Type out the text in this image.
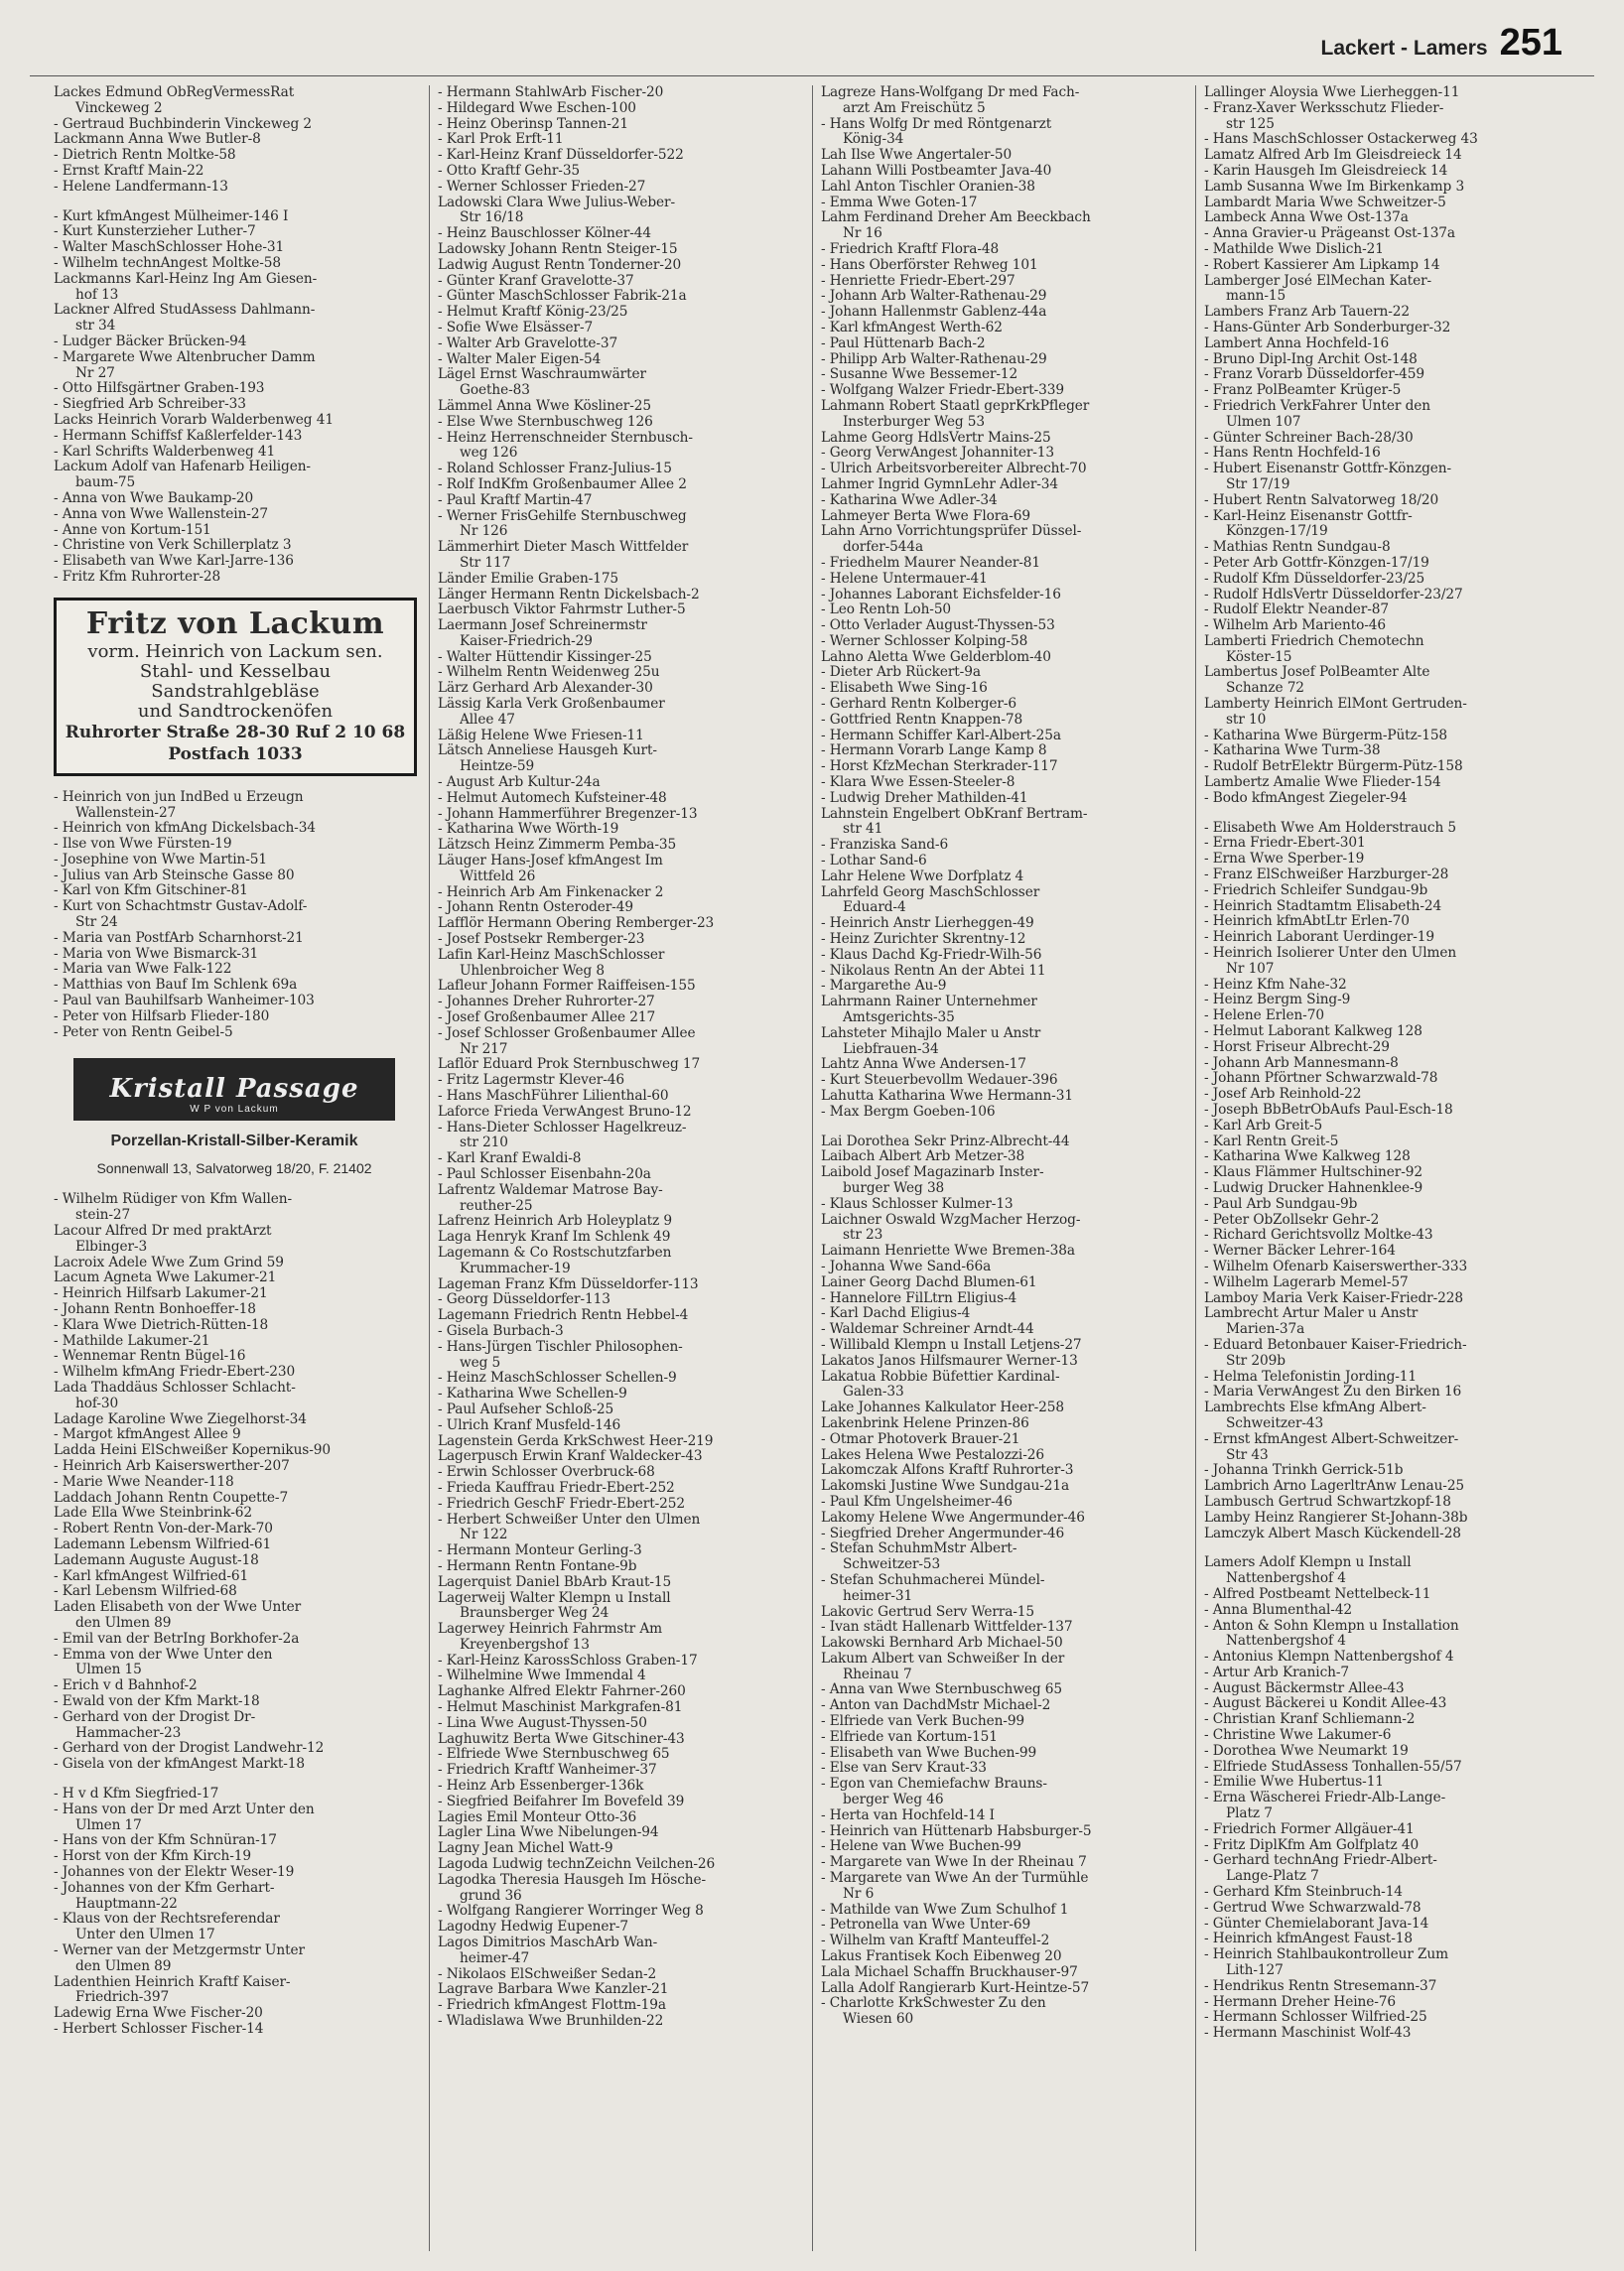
Lackert - Lamers 251
Lackes Edmund ObRegVermessRat
Vinckeweg 2
- Gertraud Buchbinderin Vinckeweg 2
Lackmann Anna Wwe Butler-8
- Dietrich Rentn Moltke-58
- Ernst Kraftf Main-22
- Helene Landfermann-13
- Kurt kfmAngest Mülheimer-146 I
- Kurt Kunsterzieher Luther-7
- Walter MaschSchlosser Hohe-31
- Wilhelm technAngest Moltke-58
Lackmanns Karl-Heinz Ing Am Giesen-
hof 13
Lackner Alfred StudAssess Dahlmann-
str 34
- Ludger Bäcker Brücken-94
- Margarete Wwe Altenbrucher Damm
Nr 27
- Otto Hilfsgärtner Graben-193
- Siegfried Arb Schreiber-33
Lacks Heinrich Vorarb Walderbenweg 41
- Hermann Schiffsf Kaßlerfelder-143
- Karl Schrifts Walderbenweg 41
Lackum Adolf van Hafenarb Heiligen-
baum-75
- Anna von Wwe Baukamp-20
- Anna von Wwe Wallenstein-27
- Anne von Kortum-151
- Christine von Verk Schillerplatz 3
- Elisabeth van Wwe Karl-Jarre-136
- Fritz Kfm Ruhrorter-28
Fritz von Lackum
vorm. Heinrich von Lackum sen.
Stahl- und Kesselbau
Sandstrahlgebläse
und Sandtrockenöfen
Ruhrorter Straße 28-30 Ruf 2 10 68
Postfach 1033
- Heinrich von jun IndBed u Erzeugn
Wallenstein-27
- Heinrich von kfmAng Dickelsbach-34
- Ilse von Wwe Fürsten-19
- Josephine von Wwe Martin-51
- Julius van Arb Steinsche Gasse 80
- Karl von Kfm Gitschiner-81
- Kurt von Schachtmstr Gustav-Adolf-
Str 24
- Maria van PostfArb Scharnhorst-21
- Maria von Wwe Bismarck-31
- Maria van Wwe Falk-122
- Matthias von Bauf Im Schlenk 69a
- Paul van Bauhilfsarb Wanheimer-103
- Peter von Hilfsarb Flieder-180
- Peter von Rentn Geibel-5
Kristall Passage
W P von Lackum
Porzellan-Kristall-Silber-Keramik
Sonnenwall 13, Salvatorweg 18/20, F. 21402
- Wilhelm Rüdiger von Kfm Wallen-
stein-27
Lacour Alfred Dr med praktArzt
Elbinger-3
Lacroix Adele Wwe Zum Grind 59
Lacum Agneta Wwe Lakumer-21
- Heinrich Hilfsarb Lakumer-21
- Johann Rentn Bonhoeffer-18
- Klara Wwe Dietrich-Rütten-18
- Mathilde Lakumer-21
- Wennemar Rentn Bügel-16
- Wilhelm kfmAng Friedr-Ebert-230
Lada Thaddäus Schlosser Schlacht-
hof-30
Ladage Karoline Wwe Ziegelhorst-34
- Margot kfmAngest Allee 9
Ladda Heini ElSchweißer Kopernikus-90
- Heinrich Arb Kaiserswerther-207
- Marie Wwe Neander-118
Laddach Johann Rentn Coupette-7
Lade Ella Wwe Steinbrink-62
- Robert Rentn Von-der-Mark-70
Lademann Lebensm Wilfried-61
Lademann Auguste August-18
- Karl kfmAngest Wilfried-61
- Karl Lebensm Wilfried-68
Laden Elisabeth von der Wwe Unter
den Ulmen 89
- Emil van der BetrIng Borkhofer-2a
- Emma von der Wwe Unter den
Ulmen 15
- Erich v d Bahnhof-2
- Ewald von der Kfm Markt-18
- Gerhard von der Drogist Dr-
Hammacher-23
- Gerhard von der Drogist Landwehr-12
- Gisela von der kfmAngest Markt-18
- H v d Kfm Siegfried-17
- Hans von der Dr med Arzt Unter den
Ulmen 17
- Hans von der Kfm Schnüran-17
- Horst von der Kfm Kirch-19
- Johannes von der Elektr Weser-19
- Johannes von der Kfm Gerhart-
Hauptmann-22
- Klaus von der Rechtsreferendar
Unter den Ulmen 17
- Werner van der Metzgermstr Unter
den Ulmen 89
Ladenthien Heinrich Kraftf Kaiser-
Friedrich-397
Ladewig Erna Wwe Fischer-20
- Herbert Schlosser Fischer-14
- Hermann StahlwArb Fischer-20
- Hildegard Wwe Eschen-100
- Heinz Oberinsp Tannen-21
- Karl Prok Erft-11
- Karl-Heinz Kranf Düsseldorfer-522
- Otto Kraftf Gehr-35
- Werner Schlosser Frieden-27
Ladowski Clara Wwe Julius-Weber-
Str 16/18
- Heinz Bauschlosser Kölner-44
Ladowsky Johann Rentn Steiger-15
Ladwig August Rentn Tonderner-20
- Günter Kranf Gravelotte-37
- Günter MaschSchlosser Fabrik-21a
- Helmut Kraftf König-23/25
- Sofie Wwe Elsässer-7
- Walter Arb Gravelotte-37
- Walter Maler Eigen-54
Lägel Ernst Waschraumwärter
Goethe-83
Lämmel Anna Wwe Kösliner-25
- Else Wwe Sternbuschweg 126
- Heinz Herrenschneider Sternbusch-
weg 126
- Roland Schlosser Franz-Julius-15
- Rolf IndKfm Großenbaumer Allee 2
- Paul Kraftf Martin-47
- Werner FrisGehilfe Sternbuschweg
Nr 126
Lämmerhirt Dieter Masch Wittfelder
Str 117
Länder Emilie Graben-175
Länger Hermann Rentn Dickelsbach-2
Laerbusch Viktor Fahrmstr Luther-5
Laermann Josef Schreinermstr
Kaiser-Friedrich-29
- Walter Hüttendir Kissinger-25
- Wilhelm Rentn Weidenweg 25u
Lärz Gerhard Arb Alexander-30
Lässig Karla Verk Großenbaumer
Allee 47
Läßig Helene Wwe Friesen-11
Lätsch Anneliese Hausgeh Kurt-
Heintze-59
- August Arb Kultur-24a
- Helmut Automech Kufsteiner-48
- Johann Hammerführer Bregenzer-13
- Katharina Wwe Wörth-19
Lätzsch Heinz Zimmerm Pemba-35
Läuger Hans-Josef kfmAngest Im
Wittfeld 26
- Heinrich Arb Am Finkenacker 2
- Johann Rentn Osteroder-49
Lafflör Hermann Obering Remberger-23
- Josef Postsekr Remberger-23
Lafin Karl-Heinz MaschSchlosser
Uhlenbroicher Weg 8
Lafleur Johann Former Raiffeisen-155
- Johannes Dreher Ruhrorter-27
- Josef Großenbaumer Allee 217
- Josef Schlosser Großenbaumer Allee
Nr 217
Laflör Eduard Prok Sternbuschweg 17
- Fritz Lagermstr Klever-46
- Hans MaschFührer Lilienthal-60
Laforce Frieda VerwAngest Bruno-12
- Hans-Dieter Schlosser Hagelkreuz-
str 210
- Karl Kranf Ewaldi-8
- Paul Schlosser Eisenbahn-20a
Lafrentz Waldemar Matrose Bay-
reuther-25
Lafrenz Heinrich Arb Holeyplatz 9
Laga Henryk Kranf Im Schlenk 49
Lagemann & Co Rostschutzfarben
Krummacher-19
Lageman Franz Kfm Düsseldorfer-113
- Georg Düsseldorfer-113
Lagemann Friedrich Rentn Hebbel-4
- Gisela Burbach-3
- Hans-Jürgen Tischler Philosophen-
weg 5
- Heinz MaschSchlosser Schellen-9
- Katharina Wwe Schellen-9
- Paul Aufseher Schloß-25
- Ulrich Kranf Musfeld-146
Lagenstein Gerda KrkSchwest Heer-219
Lagerpusch Erwin Kranf Waldecker-43
- Erwin Schlosser Overbruck-68
- Frieda Kauffrau Friedr-Ebert-252
- Friedrich GeschF Friedr-Ebert-252
- Herbert Schweißer Unter den Ulmen
Nr 122
- Hermann Monteur Gerling-3
- Hermann Rentn Fontane-9b
Lagerquist Daniel BbArb Kraut-15
Lagerweij Walter Klempn u Install
Braunsberger Weg 24
Lagerwey Heinrich Fahrmstr Am
Kreyenbergshof 13
- Karl-Heinz KarossSchloss Graben-17
- Wilhelmine Wwe Immendal 4
Laghanke Alfred Elektr Fahrner-260
- Helmut Maschinist Markgrafen-81
- Lina Wwe August-Thyssen-50
Laghuwitz Berta Wwe Gitschiner-43
- Elfriede Wwe Sternbuschweg 65
- Friedrich Kraftf Wanheimer-37
- Heinz Arb Essenberger-136k
- Siegfried Beifahrer Im Bovefeld 39
Lagies Emil Monteur Otto-36
Lagler Lina Wwe Nibelungen-94
Lagny Jean Michel Watt-9
Lagoda Ludwig technZeichn Veilchen-26
Lagodka Theresia Hausgeh Im Hösche-
grund 36
- Wolfgang Rangierer Worringer Weg 8
Lagodny Hedwig Eupener-7
Lagos Dimitrios MaschArb Wan-
heimer-47
- Nikolaos ElSchweißer Sedan-2
Lagrave Barbara Wwe Kanzler-21
- Friedrich kfmAngest Flottm-19a
- Wladislawa Wwe Brunhilden-22
Lagreze Hans-Wolfgang Dr med Fach-
arzt Am Freischütz 5
- Hans Wolfg Dr med Röntgenarzt
König-34
Lah Ilse Wwe Angertaler-50
Lahann Willi Postbeamter Java-40
Lahl Anton Tischler Oranien-38
- Emma Wwe Goten-17
Lahm Ferdinand Dreher Am Beeckbach
Nr 16
- Friedrich Kraftf Flora-48
- Hans Oberförster Rehweg 101
- Henriette Friedr-Ebert-297
- Johann Arb Walter-Rathenau-29
- Johann Hallenmstr Gablenz-44a
- Karl kfmAngest Werth-62
- Paul Hüttenarb Bach-2
- Philipp Arb Walter-Rathenau-29
- Susanne Wwe Bessemer-12
- Wolfgang Walzer Friedr-Ebert-339
Lahmann Robert Staatl geprKrkPfleger
Insterburger Weg 53
Lahme Georg HdlsVertr Mains-25
- Georg VerwAngest Johanniter-13
- Ulrich Arbeitsvorbereiter Albrecht-70
Lahmer Ingrid GymnLehr Adler-34
- Katharina Wwe Adler-34
Lahmeyer Berta Wwe Flora-69
Lahn Arno Vorrichtungsprüfer Düssel-
dorfer-544a
- Friedhelm Maurer Neander-81
- Helene Untermauer-41
- Johannes Laborant Eichsfelder-16
- Leo Rentn Loh-50
- Otto Verlader August-Thyssen-53
- Werner Schlosser Kolping-58
Lahno Aletta Wwe Gelderblom-40
- Dieter Arb Rückert-9a
- Elisabeth Wwe Sing-16
- Gerhard Rentn Kolberger-6
- Gottfried Rentn Knappen-78
- Hermann Schiffer Karl-Albert-25a
- Hermann Vorarb Lange Kamp 8
- Horst KfzMechan Sterkrader-117
- Klara Wwe Essen-Steeler-8
- Ludwig Dreher Mathilden-41
Lahnstein Engelbert ObKranf Bertram-
str 41
- Franziska Sand-6
- Lothar Sand-6
Lahr Helene Wwe Dorfplatz 4
Lahrfeld Georg MaschSchlosser
Eduard-4
- Heinrich Anstr Lierheggen-49
- Heinz Zurichter Skrentny-12
- Klaus Dachd Kg-Friedr-Wilh-56
- Nikolaus Rentn An der Abtei 11
- Margarethe Au-9
Lahrmann Rainer Unternehmer
Amtsgerichts-35
Lahsteter Mihajlo Maler u Anstr
Liebfrauen-34
Lahtz Anna Wwe Andersen-17
- Kurt Steuerbevollm Wedauer-396
Lahutta Katharina Wwe Hermann-31
- Max Bergm Goeben-106
Lai Dorothea Sekr Prinz-Albrecht-44
Laibach Albert Arb Metzer-38
Laibold Josef Magazinarb Inster-
burger Weg 38
- Klaus Schlosser Kulmer-13
Laichner Oswald WzgMacher Herzog-
str 23
Laimann Henriette Wwe Bremen-38a
- Johanna Wwe Sand-66a
Lainer Georg Dachd Blumen-61
- Hannelore FilLtrn Eligius-4
- Karl Dachd Eligius-4
- Waldemar Schreiner Arndt-44
- Willibald Klempn u Install Letjens-27
Lakatos Janos Hilfsmaurer Werner-13
Lakatua Robbie Büfettier Kardinal-
Galen-33
Lake Johannes Kalkulator Heer-258
Lakenbrink Helene Prinzen-86
- Otmar Photoverk Brauer-21
Lakes Helena Wwe Pestalozzi-26
Lakomczak Alfons Kraftf Ruhrorter-3
Lakomski Justine Wwe Sundgau-21a
- Paul Kfm Ungelsheimer-46
Lakomy Helene Wwe Angermunder-46
- Siegfried Dreher Angermunder-46
- Stefan SchuhmMstr Albert-
Schweitzer-53
- Stefan Schuhmacherei Mündel-
heimer-31
Lakovic Gertrud Serv Werra-15
- Ivan städt Hallenarb Wittfelder-137
Lakowski Bernhard Arb Michael-50
Lakum Albert van Schweißer In der
Rheinau 7
- Anna van Wwe Sternbuschweg 65
- Anton van DachdMstr Michael-2
- Elfriede van Verk Buchen-99
- Elfriede van Kortum-151
- Elisabeth van Wwe Buchen-99
- Else van Serv Kraut-33
- Egon van Chemiefachw Brauns-
berger Weg 46
- Herta van Hochfeld-14 I
- Heinrich van Hüttenarb Habsburger-5
- Helene van Wwe Buchen-99
- Margarete van Wwe In der Rheinau 7
- Margarete van Wwe An der Turmühle
Nr 6
- Mathilde van Wwe Zum Schulhof 1
- Petronella van Wwe Unter-69
- Wilhelm van Kraftf Manteuffel-2
Lakus Frantisek Koch Eibenweg 20
Lala Michael Schaffn Bruckhauser-97
Lalla Adolf Rangierarb Kurt-Heintze-57
- Charlotte KrkSchwester Zu den
Wiesen 60
Lallinger Aloysia Wwe Lierheggen-11
- Franz-Xaver Werksschutz Flieder-
str 125
- Hans MaschSchlosser Ostackerweg 43
Lamatz Alfred Arb Im Gleisdreieck 14
- Karin Hausgeh Im Gleisdreieck 14
Lamb Susanna Wwe Im Birkenkamp 3
Lambardt Maria Wwe Schweitzer-5
Lambeck Anna Wwe Ost-137a
- Anna Gravier-u Prägeanst Ost-137a
- Mathilde Wwe Dislich-21
- Robert Kassierer Am Lipkamp 14
Lamberger José ElMechan Kater-
mann-15
Lambers Franz Arb Tauern-22
- Hans-Günter Arb Sonderburger-32
Lambert Anna Hochfeld-16
- Bruno Dipl-Ing Archit Ost-148
- Franz Vorarb Düsseldorfer-459
- Franz PolBeamter Krüger-5
- Friedrich VerkFahrer Unter den
Ulmen 107
- Günter Schreiner Bach-28/30
- Hans Rentn Hochfeld-16
- Hubert Eisenanstr Gottfr-Könzgen-
Str 17/19
- Hubert Rentn Salvatorweg 18/20
- Karl-Heinz Eisenanstr Gottfr-
Könzgen-17/19
- Mathias Rentn Sundgau-8
- Peter Arb Gottfr-Könzgen-17/19
- Rudolf Kfm Düsseldorfer-23/25
- Rudolf HdlsVertr Düsseldorfer-23/27
- Rudolf Elektr Neander-87
- Wilhelm Arb Mariento-46
Lamberti Friedrich Chemotechn
Köster-15
Lambertus Josef PolBeamter Alte
Schanze 72
Lamberty Heinrich ElMont Gertruden-
str 10
- Katharina Wwe Bürgerm-Pütz-158
- Katharina Wwe Turm-38
- Rudolf BetrElektr Bürgerm-Pütz-158
Lambertz Amalie Wwe Flieder-154
- Bodo kfmAngest Ziegeler-94
- Elisabeth Wwe Am Holderstrauch 5
- Erna Friedr-Ebert-301
- Erna Wwe Sperber-19
- Franz ElSchweißer Harzburger-28
- Friedrich Schleifer Sundgau-9b
- Heinrich Stadtamtm Elisabeth-24
- Heinrich kfmAbtLtr Erlen-70
- Heinrich Laborant Uerdinger-19
- Heinrich Isolierer Unter den Ulmen
Nr 107
- Heinz Kfm Nahe-32
- Heinz Bergm Sing-9
- Helene Erlen-70
- Helmut Laborant Kalkweg 128
- Horst Friseur Albrecht-29
- Johann Arb Mannesmann-8
- Johann Pförtner Schwarzwald-78
- Josef Arb Reinhold-22
- Joseph BbBetrObAufs Paul-Esch-18
- Karl Arb Greit-5
- Karl Rentn Greit-5
- Katharina Wwe Kalkweg 128
- Klaus Flämmer Hultschiner-92
- Ludwig Drucker Hahnenklee-9
- Paul Arb Sundgau-9b
- Peter ObZollsekr Gehr-2
- Richard Gerichtsvollz Moltke-43
- Werner Bäcker Lehrer-164
- Wilhelm Ofenarb Kaiserswerther-333
- Wilhelm Lagerarb Memel-57
Lamboy Maria Verk Kaiser-Friedr-228
Lambrecht Artur Maler u Anstr
Marien-37a
- Eduard Betonbauer Kaiser-Friedrich-
Str 209b
- Helma Telefonistin Jording-11
- Maria VerwAngest Zu den Birken 16
Lambrechts Else kfmAng Albert-
Schweitzer-43
- Ernst kfmAngest Albert-Schweitzer-
Str 43
- Johanna Trinkh Gerrick-51b
Lambrich Arno LagerltrAnw Lenau-25
Lambusch Gertrud Schwartzkopf-18
Lamby Heinz Rangierer St-Johann-38b
Lamczyk Albert Masch Kückendell-28
Lamers Adolf Klempn u Install
Nattenbergshof 4
- Alfred Postbeamt Nettelbeck-11
- Anna Blumenthal-42
- Anton & Sohn Klempn u Installation
Nattenbergshof 4
- Antonius Klempn Nattenbergshof 4
- Artur Arb Kranich-7
- August Bäckermstr Allee-43
- August Bäckerei u Kondit Allee-43
- Christian Kranf Schliemann-2
- Christine Wwe Lakumer-6
- Dorothea Wwe Neumarkt 19
- Elfriede StudAssess Tonhallen-55/57
- Emilie Wwe Hubertus-11
- Erna Wäscherei Friedr-Alb-Lange-
Platz 7
- Friedrich Former Allgäuer-41
- Fritz DiplKfm Am Golfplatz 40
- Gerhard technAng Friedr-Albert-
Lange-Platz 7
- Gerhard Kfm Steinbruch-14
- Gertrud Wwe Schwarzwald-78
- Günter Chemielaborant Java-14
- Heinrich kfmAngest Faust-18
- Heinrich Stahlbaukontrolleur Zum
Lith-127
- Hendrikus Rentn Stresemann-37
- Hermann Dreher Heine-76
- Hermann Schlosser Wilfried-25
- Hermann Maschinist Wolf-43
